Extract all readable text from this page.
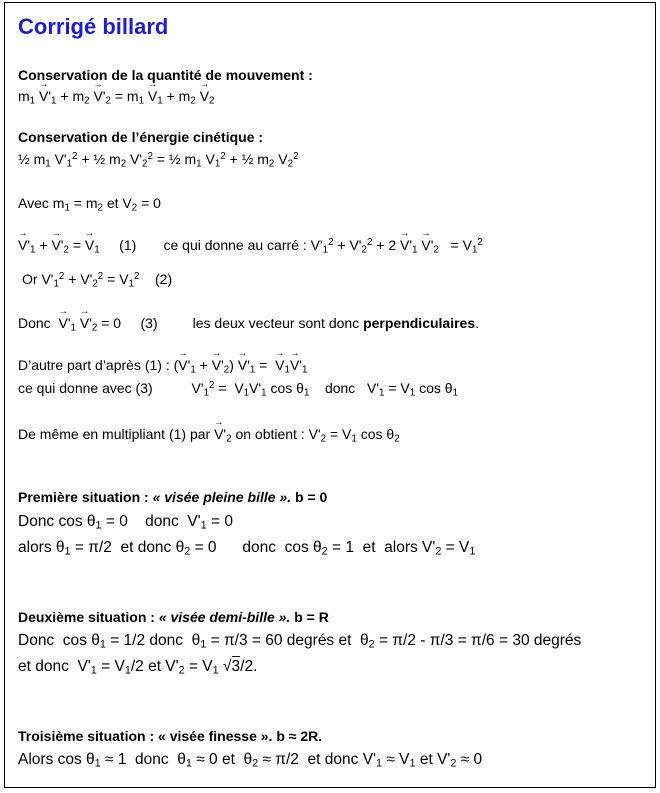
Corrigé billard
Conservation de la quantité de mouvement :
$m_1 \to V'_1 + m_2 \to V'_2 = m_1 \to V_1 + m_2 \to V_2$
Conservation de l’énergie cinétique :
½ $m_1$ $V'_1^2$ + ½ $m_2$ $V'_2^2$ = ½ $m_1$ $V_1^2$ + ½ $m_2$ $V_2^2$
Avec $m_1 = m_2$ et $V_2 = 0$
→ $V'_1$ + → $V'_2$ = → $V_1$     (1)       ce qui donne au carré : $V'_1^2 + V'_2^2 + 2 \to V'_1 \to V'_2 = V_1^2$
Or $V'_1^2 + V'_2^2 = V_1^2$    (2)
Donc  → $V'_1 \to V'_2 = 0$     (3)         les deux vecteur sont donc perpendiculaires.
D’autre part d’après (1) : (→ $V'_1$ + → $V'_2) \to V'_1$ =  → $V_1\to V'_1$
ce qui donne avec (3)          $V'_1^2 = V_1V'_1$ $\cos \theta_1$    donc   $V'_1 = V_1$ $\cos \theta_1$
De même en multipliant (1) par → $V'_2$ on obtient : $V'_2 = V_1$ $\cos \theta_2$
Première situation : « visée pleine bille ». b = 0
Donc $\cos \theta_1 = 0$    donc  $V'_1 = 0$
alors $\theta_1 = \pi/2$  et donc $\theta_2 = 0$      donc  $\cos \theta_2 = 1$  et  alors $V'_2 = V_1$
Deuxième situation : « visée demi-bille ». b = R
Donc  $\cos \theta_1 = 1/2$ donc  $\theta_1 = \pi/3 = 60$ degrés et  $\theta_2 = \pi/2 - \pi/3 = \pi/6 = 30$ degrés
et donc  $V'_1 = V_1/2$ et $V'_2 = V_1$ √3/2.
Troisième situation : « visée finesse ». b ≈ 2R.
Alors $\cos \theta_1 \approx 1$  donc  $\theta_1 \approx 0$ et  $\theta_2 \approx \pi/2$  et donc $V'_1 \approx V_1$ et $V'_2 \approx 0$
